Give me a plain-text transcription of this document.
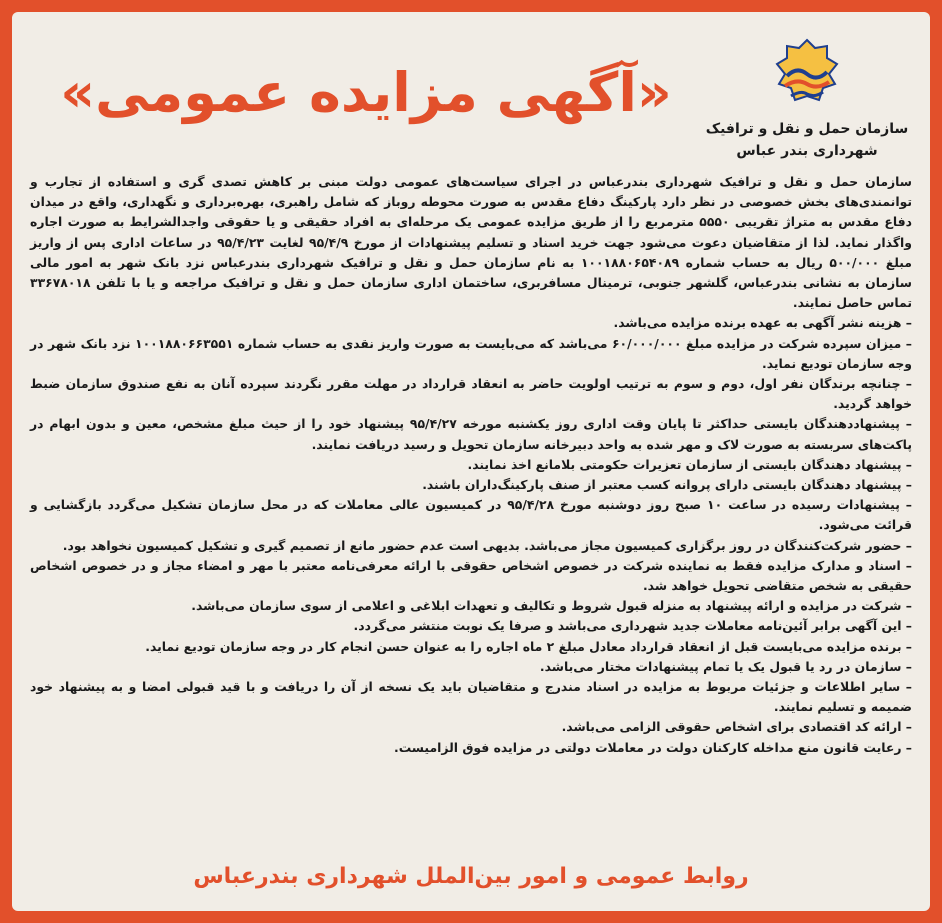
سازمان حمل و نقل و ترافیک
شهرداری بندر عباس
«آگهی مزایده عمومی»

سازمان حمل و نقل و ترافیک شهرداری بندرعباس در اجرای سیاست‌های عمومی دولت مبنی بر کاهش تصدی گری و استفاده از تجارب و توانمندی‌های بخش خصوصی در نظر دارد پارکینگ دفاع مقدس به صورت محوطه روباز که شامل راهبری، بهره‌برداری و نگهداری، واقع در میدان دفاع مقدس به متراژ تقریبی ۵۵۵۰ مترمربع را از طریق مزایده عمومی یک مرحله‌ای به افراد حقیقی و یا حقوقی واجدالشرایط به صورت اجاره واگذار نماید. لذا از متقاضیان دعوت می‌شود جهت خرید اسناد و تسلیم پیشنهادات از مورخ ۹۵/۴/۹ لغایت ۹۵/۴/۲۳ در ساعات اداری پس از واریز مبلغ ۵۰۰/۰۰۰ ریال به حساب شماره ۱۰۰۱۸۸۰۶۵۴۰۸۹ به نام سازمان حمل و نقل و ترافیک شهرداری بندرعباس نزد بانک شهر به امور مالی سازمان به نشانی بندرعباس، گلشهر جنوبی، ترمینال مسافربری، ساختمان اداری سازمان حمل و نقل و ترافیک مراجعه و یا با تلفن ۳۳۶۷۸۰۱۸ تماس حاصل نمایند.

– هزینه نشر آگهی به عهده برنده مزایده می‌باشد.

– میزان سپرده شرکت در مزایده مبلغ ۶۰/۰۰۰/۰۰۰ می‌باشد که می‌بایست به صورت واریز نقدی به حساب شماره ۱۰۰۱۸۸۰۶۶۳۵۵۱ نزد بانک شهر در وجه سازمان تودیع نماید.

– چنانچه برندگان نفر اول، دوم و سوم به ترتیب اولویت حاضر به انعقاد قرارداد در مهلت مقرر نگردند سپرده آنان به نفع صندوق سازمان ضبط خواهد گردید.

– پیشنهاددهندگان بایستی حداکثر تا پایان وقت اداری روز یکشنبه مورخه ۹۵/۴/۲۷ پیشنهاد خود را از حیث مبلغ مشخص، معین و بدون ابهام در پاکت‌های سربسته به صورت لاک و مهر شده به واحد دبیرخانه سازمان تحویل و رسید دریافت نمایند.

– پیشنهاد دهندگان بایستی از سازمان تعزیرات حکومتی بلامانع اخذ نمایند.

– پیشنهاد دهندگان بایستی دارای پروانه کسب معتبر از صنف پارکینگ‌داران باشند.

– پیشنهادات رسیده در ساعت ۱۰ صبح روز دوشنبه مورخ ۹۵/۴/۲۸ در کمیسیون عالی معاملات که در محل سازمان تشکیل می‌گردد بازگشایی و قرائت می‌شود.

– حضور شرکت‌کنندگان در روز برگزاری کمیسیون مجاز می‌باشد. بدیهی است عدم حضور مانع از تصمیم گیری و تشکیل کمیسیون نخواهد بود.

– اسناد و مدارک مزایده فقط به نماینده شرکت در خصوص اشخاص حقوقی با ارائه معرفی‌نامه معتبر با مهر و امضاء مجاز و در خصوص اشخاص حقیقی به شخص متقاضی تحویل خواهد شد.

– شرکت در مزایده و ارائه پیشنهاد به منزله قبول شروط و تکالیف و تعهدات ابلاغی و اعلامی از سوی سازمان می‌باشد.

– این آگهی برابر آئین‌نامه معاملات جدید شهرداری می‌باشد و صرفا یک نوبت منتشر می‌گردد.

– برنده مزایده می‌بایست قبل از انعقاد قرارداد معادل مبلغ ۲ ماه اجاره را به عنوان حسن انجام کار در وجه سازمان تودیع نماید.

– سازمان در رد یا قبول یک یا تمام پیشنهادات مختار می‌باشد.

– سایر اطلاعات و جزئیات مربوط به مزایده در اسناد مندرج و متقاضیان باید یک نسخه از آن را دریافت و با قید قبولی امضا و به پیشنهاد خود ضمیمه و تسلیم نمایند.

– ارائه کد اقتصادی برای اشخاص حقوقی الزامی می‌باشد.

– رعایت قانون منع مداخله کارکنان دولت در معاملات دولتی در مزایده فوق الزامیست.

روابط عمومی و امور بین‌الملل شهرداری بندرعباس
